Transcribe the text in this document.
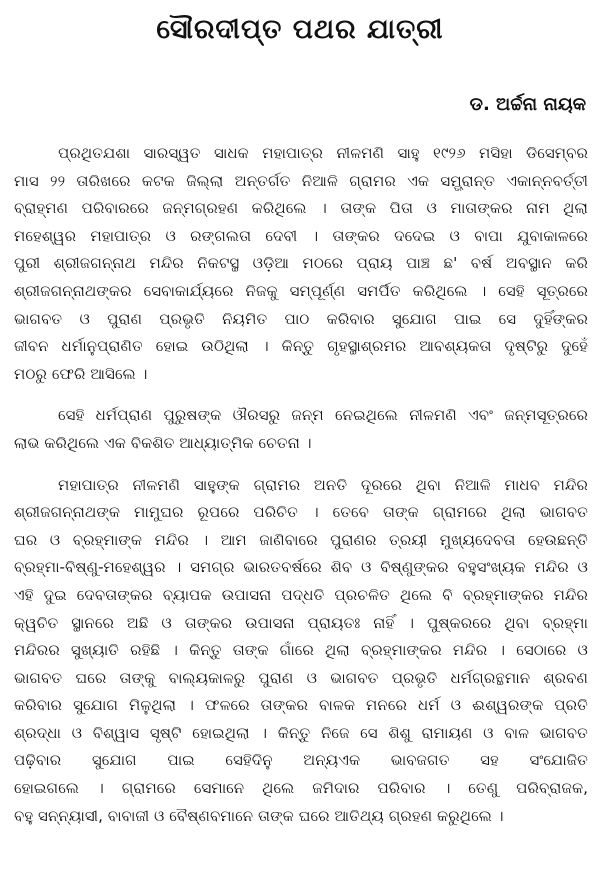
ସୌରଦୀପ୍ତ ପଥର ଯାତ୍ରୀ
ଡ. ଅର୍ଚ୍ଚନା ନାୟକ
ପ୍ରଥିତଯଶା ସାରସ୍ୱତ ସାଧକ ମହାପାତ୍ର ନୀଳମଣି ସାହୁ ୧୯୨୬ ମସିହା ଡିସେମ୍ବର
ମାସ ୨୨ ତାରିଖରେ କଟକ ଜିଲ୍ଲା ଅନ୍ତର୍ଗତ ନିଆଳି ଗ୍ରାମର ଏକ ସମ୍ଭ୍ରାନ୍ତ ଏକାନ୍ନବର୍ତ୍ତୀ
ବ୍ରାହ୍ମଣ ପରିବାରରେ ଜନ୍ମଗ୍ରହଣ କରିଥିଲେ । ତାଙ୍କ ପିତା ଓ ମାତାଙ୍କର ନାମ ଥିଲା
ମହେଶ୍ୱର ମହାପାତ୍ର ଓ ରଙ୍ଗଲତା ଦେବୀ । ତାଙ୍କର ଦଦେଇ ଓ ବାପା ଯୁବାକାଳରେ
ପୁରୀ ଶ୍ରୀଜଗନ୍ନାଥ ମନ୍ଦିର ନିକଟସ୍ଥ ଓଡ଼ିଆ ମଠରେ ପ୍ରାୟ ପାଞ୍ଚ ଛ' ବର୍ଷ ଅବସ୍ଥାନ କରି
ଶ୍ରୀଜଗନ୍ନାଥଙ୍କର ସେବାକାର୍ଯ୍ୟରେ ନିଜକୁ ସମ୍ପୂର୍ଣ୍ଣ ସମର୍ପିତ କରିଥିଲେ । ସେହି ସୂତ୍ରରେ
ଭାଗବତ ଓ ପୁରାଣ ପ୍ରଭୃତି ନିୟମିତ ପାଠ କରିବାର ସୁଯୋଗ ପାଇ ସେ ଦୁହିଁଙ୍କର
ଜୀବନ ଧର୍ମାନୁପ୍ରାଣିତ ହୋଇ ଉଠିଥିଲା । କିନ୍ତୁ ଗୃହସ୍ଥାଶ୍ରମର ଆବଶ୍ୟକତା ଦୃଷ୍ଟିରୁ ଦୁହେଁ
ମଠରୁ ଫେରି ଆସିଲେ ।
ସେହି ଧର୍ମପ୍ରାଣ ପୁରୁଷଙ୍କ ଔରସରୁ ଜନ୍ମ ନେଇଥିଲେ ନୀଳମଣି ଏବଂ ଜନ୍ମସୂତ୍ରରେ
ଲାଭ କରିଥିଲେ ଏକ ବିକଶିତ ଆଧ୍ୟାତ୍ମିକ ଚେତନା ।
ମହାପାତ୍ର ନୀଳମଣି ସାହୁଙ୍କ ଗ୍ରାମର ଅନତି ଦୂରରେ ଥିବା ନିଆଳି ମାଧବ ମନ୍ଦିର
ଶ୍ରୀଜଗନ୍ନାଥଙ୍କ ମାମୁଘର ରୂପରେ ପରିଚିତ । ତେବେ ତାଙ୍କ ଗ୍ରାମରେ ଥିଲା ଭାଗବତ
ଘର ଓ ବ୍ରହ୍ମାଙ୍କ ମନ୍ଦିର । ଆମ ଜାଣିବାରେ ପୁରାଣର ତ୍ରୟୀ ମୁଖ୍ୟଦେବତା ହେଉଛନ୍ତି
ବ୍ରହ୍ମା-ବିଷ୍ଣୁ-ମହେଶ୍ୱର । ସମଗ୍ର ଭାରତବର୍ଷରେ ଶିବ ଓ ବିଷ୍ଣୁଙ୍କର ବହୁସଂଖ୍ୟକ ମନ୍ଦିର ଓ
ଏହି ଦୁଇ ଦେବତାଙ୍କର ବ୍ୟାପକ ଉପାସନା ପଦ୍ଧତି ପ୍ରଚଳିତ ଥିଲେ ବି ବ୍ରହ୍ମାଙ୍କର ମନ୍ଦିର
କ୍ୱଚିତ ସ୍ଥାନରେ ଅଛି ଓ ତାଙ୍କର ଉପାସନା ପ୍ରାୟତଃ ନାହିଁ । ପୁଷ୍କରରେ ଥିବା ବ୍ରହ୍ମା
ମନ୍ଦିରର ସୁଖ୍ୟାତି ରହିଛି । କିନ୍ତୁ ତାଙ୍କ ଗାଁରେ ଥିଲା ବ୍ରହ୍ମାଙ୍କର ମନ୍ଦିର । ସେଠାରେ ଓ
ଭାଗବତ ଘରେ ତାଙ୍କୁ ବାଲ୍ୟକାଳରୁ ପୁରାଣ ଓ ଭାଗବତ ପ୍ରଭୃତି ଧର୍ମଗ୍ରନ୍ଥମାନ ଶ୍ରବଣ
କରିବାର ସୁଯୋଗ ମିଳୁଥିଲା । ଫଳରେ ତାଙ୍କର ବାଳକ ମନରେ ଧର୍ମ ଓ ଈଶ୍ୱରଙ୍କ ପ୍ରତି
ଶ୍ରଦ୍ଧା ଓ ବିଶ୍ୱାସ ସୃଷ୍ଟି ହୋଇଥିଲା । କିନ୍ତୁ ନିଜେ ସେ ଶିଶୁ ରାମାୟଣ ଓ ବାଳ ଭାଗବତ
ପଢ଼ିବାର ସୁଯୋଗ ପାଇ ସେହିଦିନୁ ଅନ୍ୟଏକ ଭାବଜଗତ ସହ ସଂଯୋଜିତ
ହୋଇଗଲେ । ଗ୍ରାମରେ ସେମାନେ ଥିଲେ ଜମିଦାର ପରିବାର । ତେଣୁ ପରିବ୍ରାଜକ,
ବହୁ ସନ୍ନ୍ୟାସୀ, ବାବାଜୀ ଓ ବୈଷ୍ଣବମାନେ ତାଙ୍କ ଘରେ ଆତିଥ୍ୟ ଗ୍ରହଣ କରୁଥିଲେ ।
